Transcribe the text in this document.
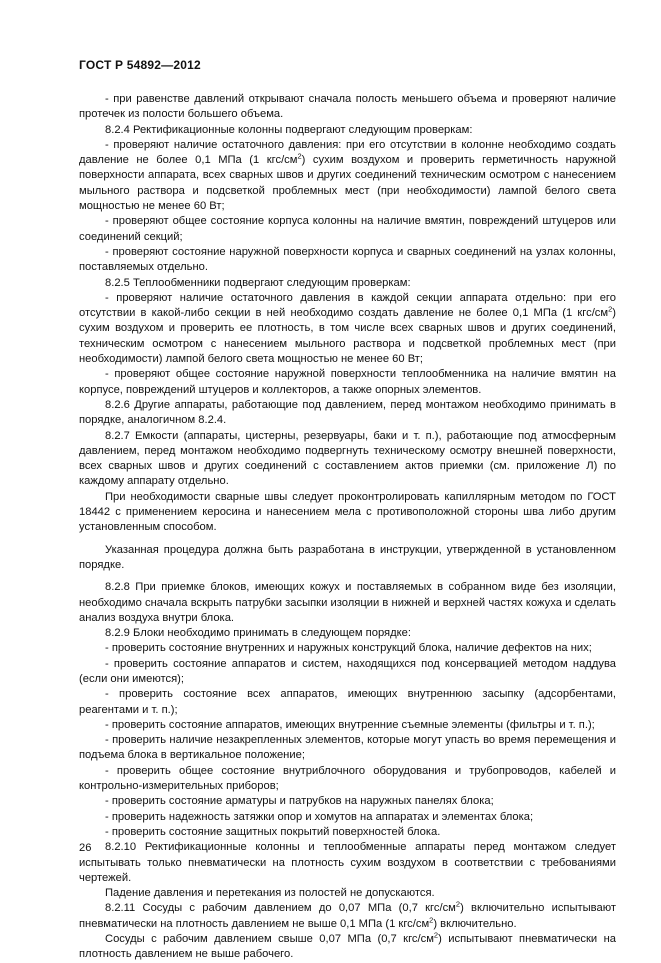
ГОСТ Р 54892—2012

- при равенстве давлений открывают сначала полость меньшего объема и проверяют наличие протечек из полости большего объема.

8.2.4 Ректификационные колонны подвергают следующим проверкам:

- проверяют наличие остаточного давления: при его отсутствии в колонне необходимо создать давление не более 0,1 МПа (1 кгс/$см^2$) сухим воздухом и проверить герметичность наружной поверхности аппарата, всех сварных швов и других соединений техническим осмотром с нанесением мыльного раствора и подсветкой проблемных мест (при необходимости) лампой белого света мощностью не менее 60 Вт;

- проверяют общее состояние корпуса колонны на наличие вмятин, повреждений штуцеров или соединений секций;

- проверяют состояние наружной поверхности корпуса и сварных соединений на узлах колонны, поставляемых отдельно.

8.2.5 Теплообменники подвергают следующим проверкам:

- проверяют наличие остаточного давления в каждой секции аппарата отдельно: при его отсутствии в какой-либо секции в ней необходимо создать давление не более 0,1 МПа (1 кгс/$см^2$) сухим воздухом и проверить ее плотность, в том числе всех сварных швов и других соединений, техническим осмотром с нанесением мыльного раствора и подсветкой проблемных мест (при необходимости) лампой белого света мощностью не менее 60 Вт;

- проверяют общее состояние наружной поверхности теплообменника на наличие вмятин на корпусе, повреждений штуцеров и коллекторов, а также опорных элементов.

8.2.6 Другие аппараты, работающие под давлением, перед монтажом необходимо принимать в порядке, аналогичном 8.2.4.

8.2.7 Емкости (аппараты, цистерны, резервуары, баки и т. п.), работающие под атмосферным давлением, перед монтажом необходимо подвергнуть техническому осмотру внешней поверхности, всех сварных швов и других соединений с составлением актов приемки (см. приложение Л) по каждому аппарату отдельно.

При необходимости сварные швы следует проконтролировать капиллярным методом по ГОСТ 18442 с применением керосина и нанесением мела с противоположной стороны шва либо другим установленным способом.

Указанная процедура должна быть разработана в инструкции, утвержденной в установленном порядке.

8.2.8 При приемке блоков, имеющих кожух и поставляемых в собранном виде без изоляции, необходимо сначала вскрыть патрубки засыпки изоляции в нижней и верхней частях кожуха и сделать анализ воздуха внутри блока.

8.2.9 Блоки необходимо принимать в следующем порядке:

- проверить состояние внутренних и наружных конструкций блока, наличие дефектов на них;

- проверить состояние аппаратов и систем, находящихся под консервацией методом наддува (если они имеются);

- проверить состояние всех аппаратов, имеющих внутреннюю засыпку (адсорбентами, реагентами и т. п.);

- проверить состояние аппаратов, имеющих внутренние съемные элементы (фильтры и т. п.);

- проверить наличие незакрепленных элементов, которые могут упасть во время перемещения и подъема блока в вертикальное положение;

- проверить общее состояние внутриблочного оборудования и трубопроводов, кабелей и контрольно-измерительных приборов;

- проверить состояние арматуры и патрубков на наружных панелях блока;

- проверить надежность затяжки опор и хомутов на аппаратах и элементах блока;

- проверить состояние защитных покрытий поверхностей блока.

8.2.10 Ректификационные колонны и теплообменные аппараты перед монтажом следует испытывать только пневматически на плотность сухим воздухом в соответствии с требованиями чертежей.

Падение давления и перетекания из полостей не допускаются.

8.2.11 Сосуды с рабочим давлением до 0,07 МПа (0,7 кгс/$см^2$) включительно испытывают пневматически на плотность давлением не выше 0,1 МПа (1 кгс/$см^2$) включительно.

Сосуды с рабочим давлением свыше 0,07 МПа (0,7 кгс/$см^2$) испытывают пневматически на плотность давлением не выше рабочего.

26
